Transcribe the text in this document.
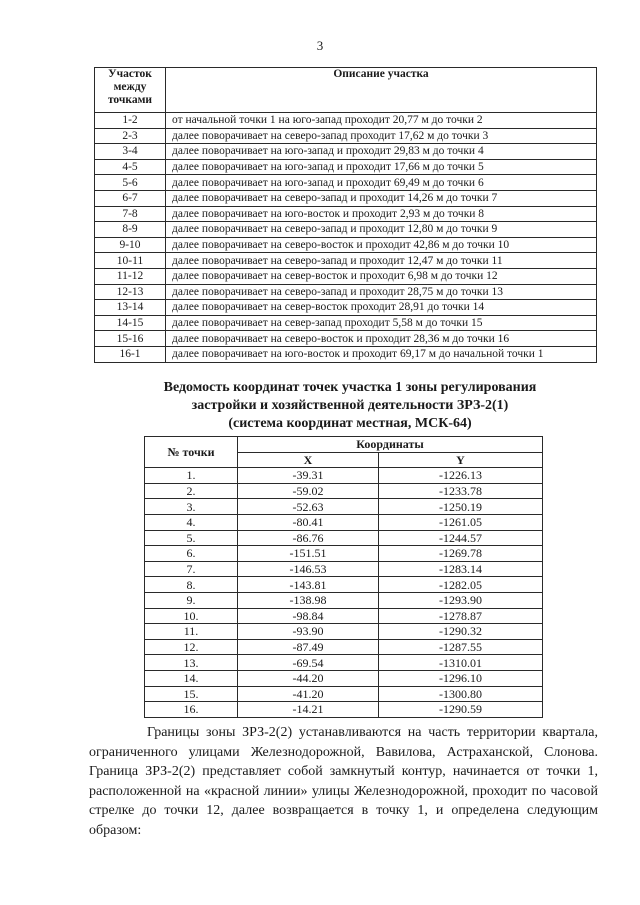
3
Участок между точками	Описание участка
1-2	от начальной точки 1 на юго-запад проходит 20,77 м до точки 2
2-3	далее поворачивает на северо-запад проходит 17,62 м до точки 3
3-4	далее поворачивает на юго-запад и проходит 29,83 м до точки 4
4-5	далее поворачивает на юго-запад и проходит 17,66 м до точки 5
5-6	далее поворачивает на юго-запад и проходит 69,49 м до точки 6
6-7	далее поворачивает на северо-запад и проходит 14,26 м до точки 7
7-8	далее поворачивает на юго-восток и проходит 2,93 м до точки 8
8-9	далее поворачивает на северо-запад и проходит 12,80 м до точки 9
9-10	далее поворачивает на северо-восток и проходит 42,86 м до точки 10
10-11	далее поворачивает на северо-запад и проходит 12,47 м до точки 11
11-12	далее поворачивает на север-восток и проходит 6,98 м до точки 12
12-13	далее поворачивает на северо-запад и проходит 28,75 м до точки 13
13-14	далее поворачивает на север-восток проходит 28,91 до точки 14
14-15	далее поворачивает на север-запад проходит 5,58 м до точки 15
15-16	далее поворачивает на северо-восток и проходит 28,36 м до точки 16
16-1	далее поворачивает на юго-восток и проходит 69,17 м до начальной точки 1
Ведомость координат точек участка 1 зоны регулирования
застройки и хозяйственной деятельности ЗРЗ-2(1)
(система координат местная, МСК-64)
№ точки	Координаты	
	X	Y
1.	-39.31	-1226.13
2.	-59.02	-1233.78
3.	-52.63	-1250.19
4.	-80.41	-1261.05
5.	-86.76	-1244.57
6.	-151.51	-1269.78
7.	-146.53	-1283.14
8.	-143.81	-1282.05
9.	-138.98	-1293.90
10.	-98.84	-1278.87
11.	-93.90	-1290.32
12.	-87.49	-1287.55
13.	-69.54	-1310.01
14.	-44.20	-1296.10
15.	-41.20	-1300.80
16.	-14.21	-1290.59

Границы зоны ЗРЗ-2(2) устанавливаются на часть территории квартала, ограниченного улицами Железнодорожной, Вавилова, Астраханской, Слонова. Граница ЗРЗ-2(2) представляет собой замкнутый контур, начинается от точки 1, расположенной на «красной линии» улицы Железнодорожной, проходит по часовой стрелке до точки 12, далее возвращается в точку 1, и определена следующим образом:
